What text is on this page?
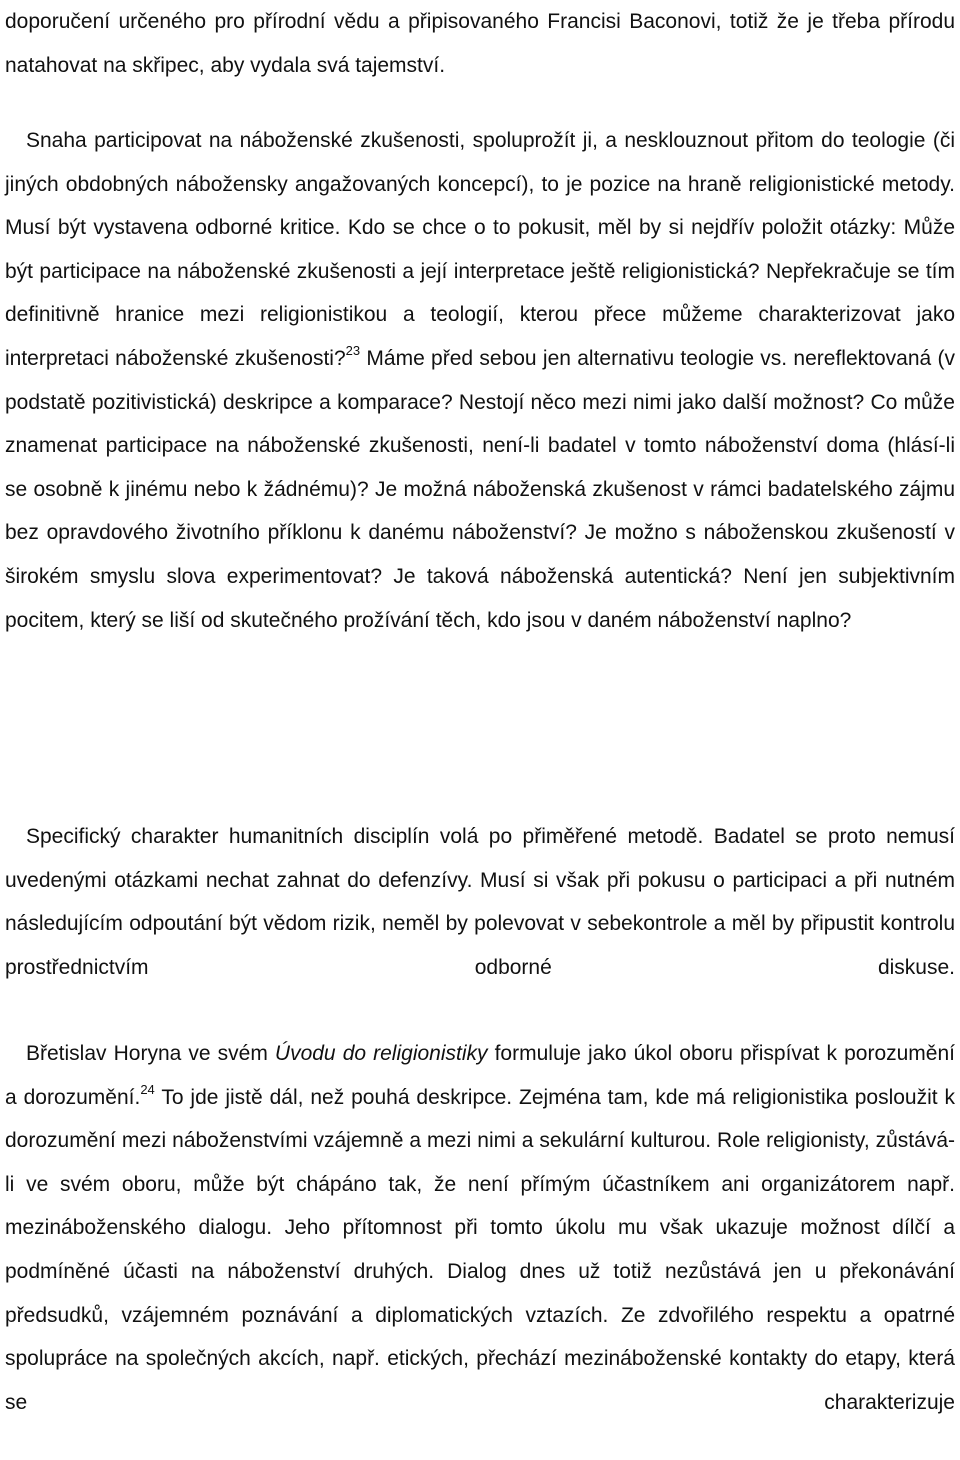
doporučení určeného pro přírodní vědu a připisovaného Francisi Baconovi, totiž že je třeba přírodu natahovat na skřipec, aby vydala svá tajemství.

Snaha participovat na náboženské zkušenosti, spoluprožít ji, a nesklouznout přitom do teologie (či jiných obdobných nábožensky angažovaných koncepcí), to je pozice na hraně religionistické metody. Musí být vystavena odborné kritice. Kdo se chce o to pokusit, měl by si nejdřív položit otázky: Může být participace na náboženské zkušenosti a její interpretace ještě religionistická? Nepřekračuje se tím definitivně hranice mezi religionistikou a teologií, kterou přece můžeme charakterizovat jako interpretaci náboženské zkušenosti?$^{23}$ Máme před sebou jen alternativu teologie vs. nereflektovaná (v podstatě pozitivistická) deskripce a komparace? Nestojí něco mezi nimi jako další možnost? Co může znamenat participace na náboženské zkušenosti, není-li badatel v tomto náboženství doma (hlásí-li se osobně k jinému nebo k žádnému)? Je možná náboženská zkušenost v rámci badatelského zájmu bez opravdového životního příklonu k danému náboženství? Je možno s náboženskou zkušeností v širokém smyslu slova experimentovat? Je taková náboženská autentická? Není jen subjektivním pocitem, který se liší od skutečného prožívání těch, kdo jsou v daném náboženství naplno?

Specifický charakter humanitních disciplín volá po přiměřené metodě. Badatel se proto nemusí uvedenými otázkami nechat zahnat do defenzívy. Musí si však při pokusu o participaci a při nutném následujícím odpoutání být vědom rizik, neměl by polevovat v sebekontrole a měl by připustit kontrolu prostřednictvím odborné diskuse.

Břetislav Horyna ve svém Úvodu do religionistiky formuluje jako úkol oboru přispívat k porozumění a dorozumění.$^{24}$ To jde jistě dál, než pouhá deskripce. Zejména tam, kde má religionistika posloužit k dorozumění mezi náboženstvími vzájemně a mezi nimi a sekulární kulturou. Role religionisty, zůstává-li ve svém oboru, může být chápáno tak, že není přímým účastníkem ani organizátorem např. mezináboženského dialogu. Jeho přítomnost při tomto úkolu mu však ukazuje možnost dílčí a podmíněné účasti na náboženství druhých. Dialog dnes už totiž nezůstává jen u překonávání předsudků, vzájemném poznávání a diplomatických vztazích. Ze zdvořilého respektu a opatrné spolupráce na společných akcích, např. etických, přechází mezináboženské kontakty do etapy, která se charakterizuje
